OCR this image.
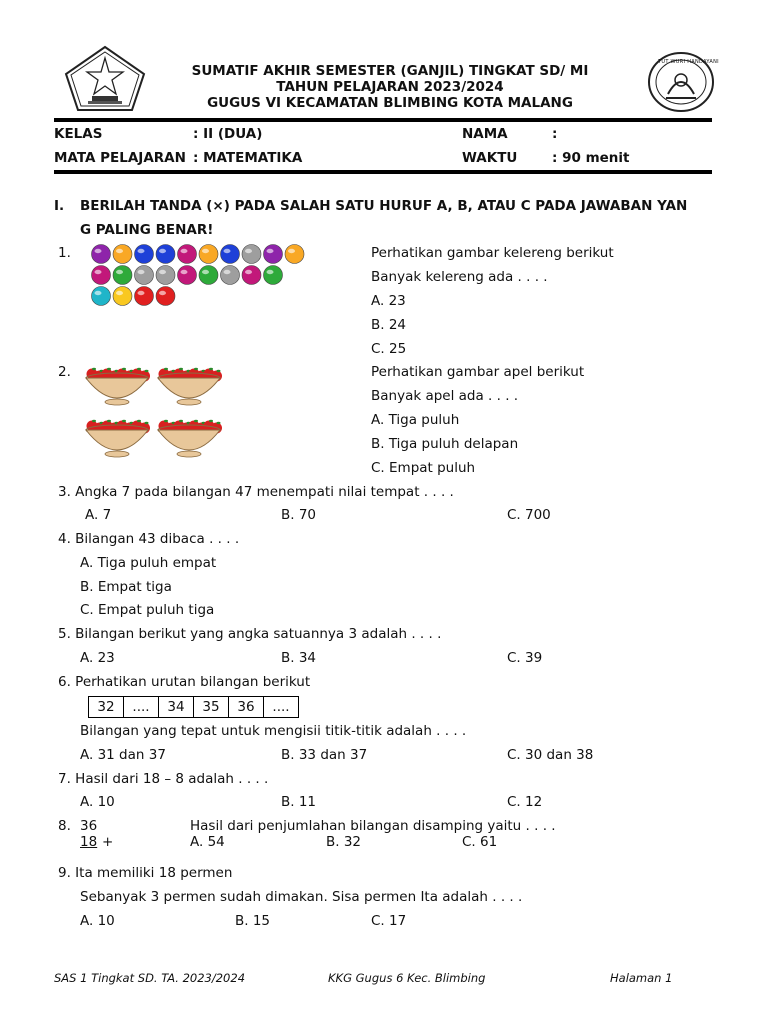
TUT WURI HANDAYANI
SUMATIF AKHIR SEMESTER (GANJIL) TINGKAT SD/ MI
TAHUN PELAJARAN 2023/2024
GUGUS VI KECAMATAN BLIMBING KOTA MALANG
KELAS	: II (DUA)	NAMA	:
MATA PELAJARAN : MATEMATIKA	WAKTU	: 90 menit
I. BERILAH TANDA (×) PADA SALAH SATU HURUF A, B, ATAU C PADA JAWABAN YAN
G PALING BENAR!
1.	Perhatikan gambar kelereng berikut
Banyak kelereng ada . . . .
A. 23
B. 24
C. 25
2.	Perhatikan gambar apel berikut
Banyak apel ada . . . .
A. Tiga puluh
B. Tiga puluh delapan
C. Empat puluh
3. Angka 7 pada bilangan 47 menempati nilai tempat . . . .
A. 7	B. 70	C. 700
4. Bilangan 43 dibaca . . . .
A. Tiga puluh empat
B. Empat tiga
C. Empat puluh tiga
5. Bilangan berikut yang angka satuannya 3 adalah . . . .
A. 23	B. 34	C. 39
6. Perhatikan urutan bilangan berikut
32	....	34	35	36	....
Bilangan yang tepat untuk mengisii titik-titik adalah . . . .
A. 31 dan 37	B. 33 dan 37	C. 30 dan 38
7. Hasil dari 18 – 8 adalah . . . .
A. 10	B. 11	C. 12
8. 36
18 +
Hasil dari penjumlahan bilangan disamping yaitu . . . .
A. 54	B. 32	C. 61
9. Ita memiliki 18 permen
Sebanyak 3 permen sudah dimakan. Sisa permen Ita adalah . . . .
A. 10	B. 15	C. 17
SAS 1 Tingkat SD. TA. 2023/2024	KKG Gugus 6 Kec. Blimbing	Halaman 1
